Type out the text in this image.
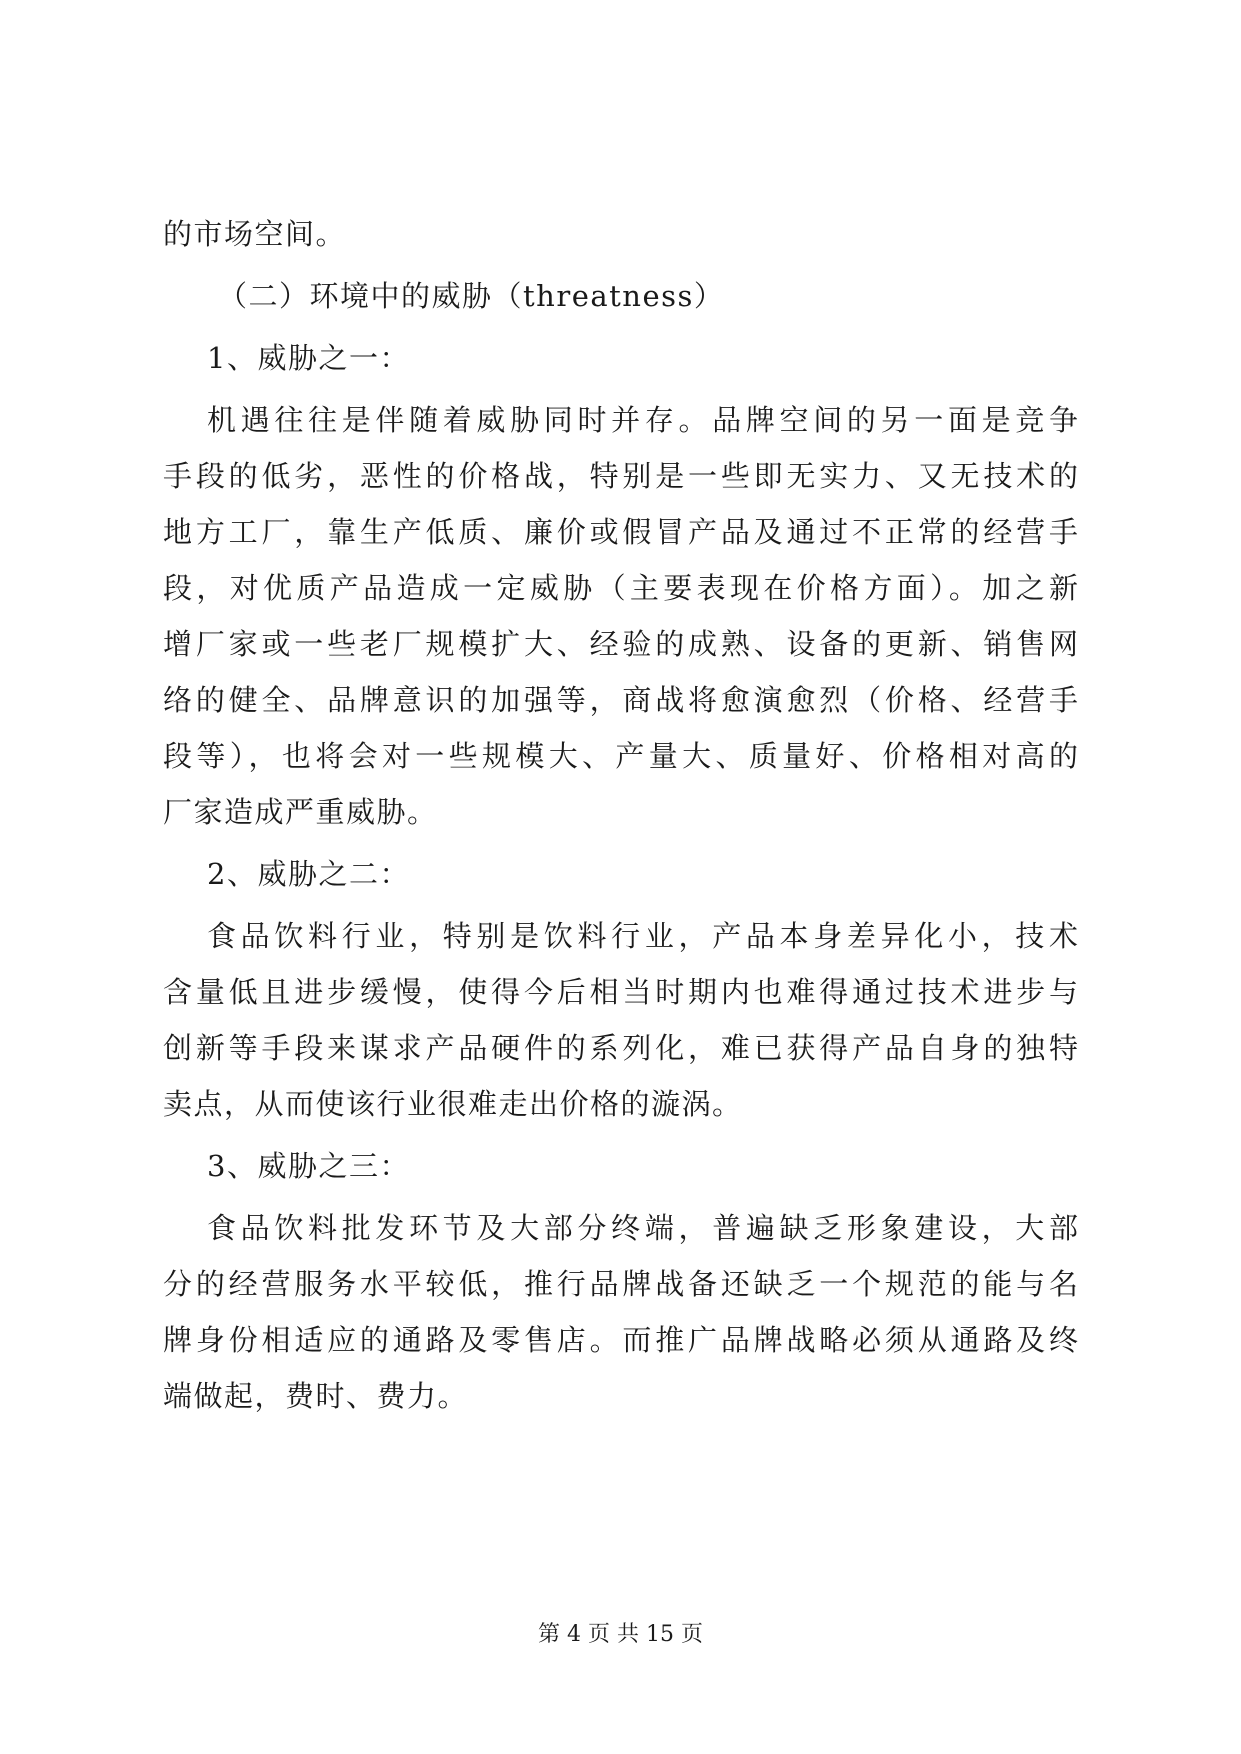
的市场空间。
（二）环境中的威胁（threatness）
1、威胁之一：
机遇往往是伴随着威胁同时并存。品牌空间的另一面是竞争
手段的低劣，恶性的价格战，特别是一些即无实力、又无技术的
地方工厂，靠生产低质、廉价或假冒产品及通过不正常的经营手
段，对优质产品造成一定威胁（主要表现在价格方面）。加之新
增厂家或一些老厂规模扩大、经验的成熟、设备的更新、销售网
络的健全、品牌意识的加强等，商战将愈演愈烈（价格、经营手
段等），也将会对一些规模大、产量大、质量好、价格相对高的
厂家造成严重威胁。
2、威胁之二：
食品饮料行业，特别是饮料行业，产品本身差异化小，技术
含量低且进步缓慢，使得今后相当时期内也难得通过技术进步与
创新等手段来谋求产品硬件的系列化，难已获得产品自身的独特
卖点，从而使该行业很难走出价格的漩涡。
3、威胁之三：
食品饮料批发环节及大部分终端，普遍缺乏形象建设，大部
分的经营服务水平较低，推行品牌战备还缺乏一个规范的能与名
牌身份相适应的通路及零售店。而推广品牌战略必须从通路及终
端做起，费时、费力。
第 4 页 共 15 页
